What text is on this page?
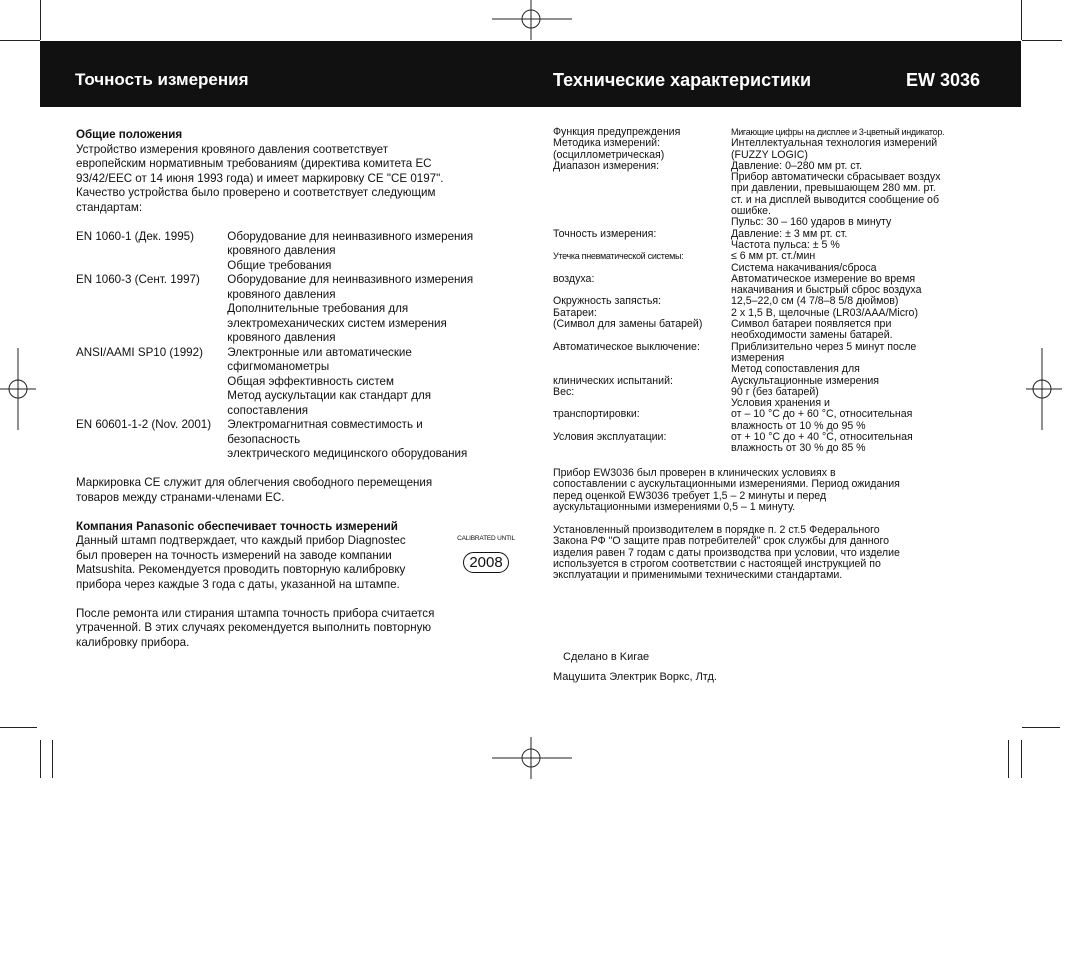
Точность измерения	Технические характеристики	EW 3036

Общие положения

Устройство измерения кровяного давления соответствует
европейским нормативным требованиям (директива комитета ЕС
93/42/EEC от 14 июня 1993 года) и имеет маркировку CE "CE 0197".
Качество устройства было проверено и соответствует следующим
стандартам:
EN 1060-1 (Дек. 1995)	Оборудование для неинвазивного измерения
кровяного давления
Общие требования

EN 1060-3 (Сент. 1997)	Оборудование для неинвазивного измерения
кровяного давления
Дополнительные требования для
электромеханических систем измерения
кровяного давления

ANSI/AAMI SP10 (1992)	Электронные или автоматические
сфигмоманометры
Общая эффективность систем
Метод аускультации как стандарт для
сопоставления

EN 60601-1-2 (Nov. 2001)	Электромагнитная совместимость и
безопасность
электрического медицинского оборудования
Маркировка CE служит для облегчения свободного перемещения
товаров между странами-членами ЕС.

Компания Panasonic обеспечивает точность измерений

Данный штамп подтверждает, что каждый прибор Diagnostec
был проверен на точность измерений на заводе компании
Matsushita. Рекомендуется проводить повторную калибровку
прибора через каждые 3 года с даты, указанной на штампе.
CALIBRATED UNTIL
2008
После ремонта или стирания штампа точность прибора считается
утраченной. В этих случаях рекомендуется выполнить повторную
калибровку прибора.
Функция предупреждения	Мигающие цифры на дисплее и 3-цветный индикатор.
Методика измерений:	Интеллектуальная технология измерений
(осциллометрическая)	(FUZZY LOGIC)
Диапазон измерения:	Давление: 0–280 мм рт. ст.
Прибор автоматически сбрасывает воздух
при давлении, превышающем 280 мм. рт.
ст. и на дисплей выводится сообщение об
ошибке.
Пульс: 30 – 160 ударов в минуту
Точность измерения:	Давление: ± 3 мм рт. ст.
Частота пульса: ± 5 %
Утечка пневматической системы:	≤ 6 мм рт. ст./мин
Система накачивания/сброса
воздуха:	Автоматическое измерение во время
накачивания и быстрый сброс воздуха
Окружность запястья:	12,5–22,0 см (4 7/8–8 5/8 дюймов)
Батареи:	2 x 1,5 В, щелочные (LR03/AAA/Micro)
(Символ для замены батарей)	Символ батареи появляется при
необходимости замены батарей.
Автоматическое выключение:	Приблизительно через 5 минут после
измерения
Метод сопоставления для
клинических испытаний:	Аускультационные измерения
Вес:	90 г (без батарей)
Условия хранения и
транспортировки:	от – 10 °C до + 60 °C, относительная
влажность от 10 % до 95 %
Условия эксплуатации:	от + 10 °C до + 40 °C, относительная
влажность от 30 % до 85 %
Прибор EW3036 был проверен в клинических условиях в
сопоставлении с аускультационными измерениями. Период ожидания
перед оценкой EW3036 требует 1,5 – 2 минуты и перед
аускультационными измерениями 0,5 – 1 минуту.
Установленный производителем в порядке п. 2 ст.5 Федерального
Закона РФ "О защите прав потребителей" срок службы для данного
изделия равен 7 годам с даты производства при условии, что изделие
используется в строгом соответствии с настоящей инструкцией по
эксплуатации и применимыми техническими стандартами.
Сделано в Kиrae
Мацушита Электрик Воркс, Лтд.
